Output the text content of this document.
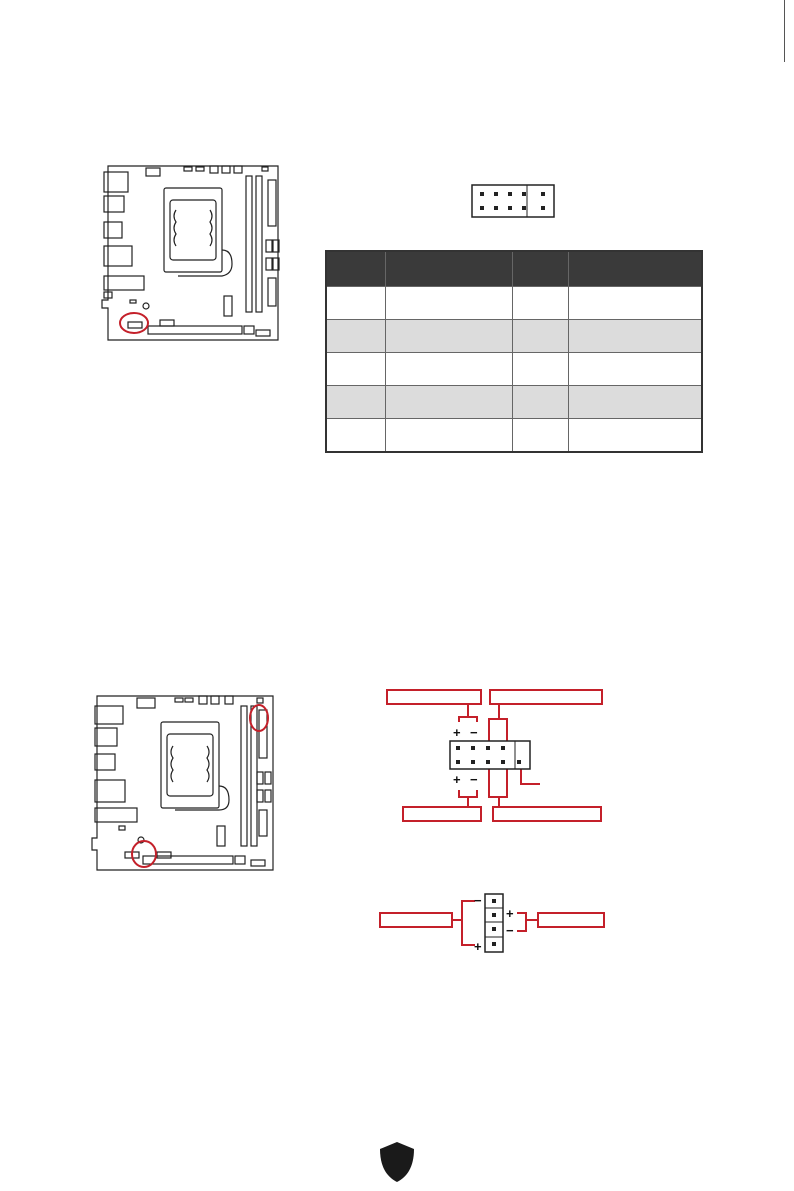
+ −
+ −
−
+
+
−
